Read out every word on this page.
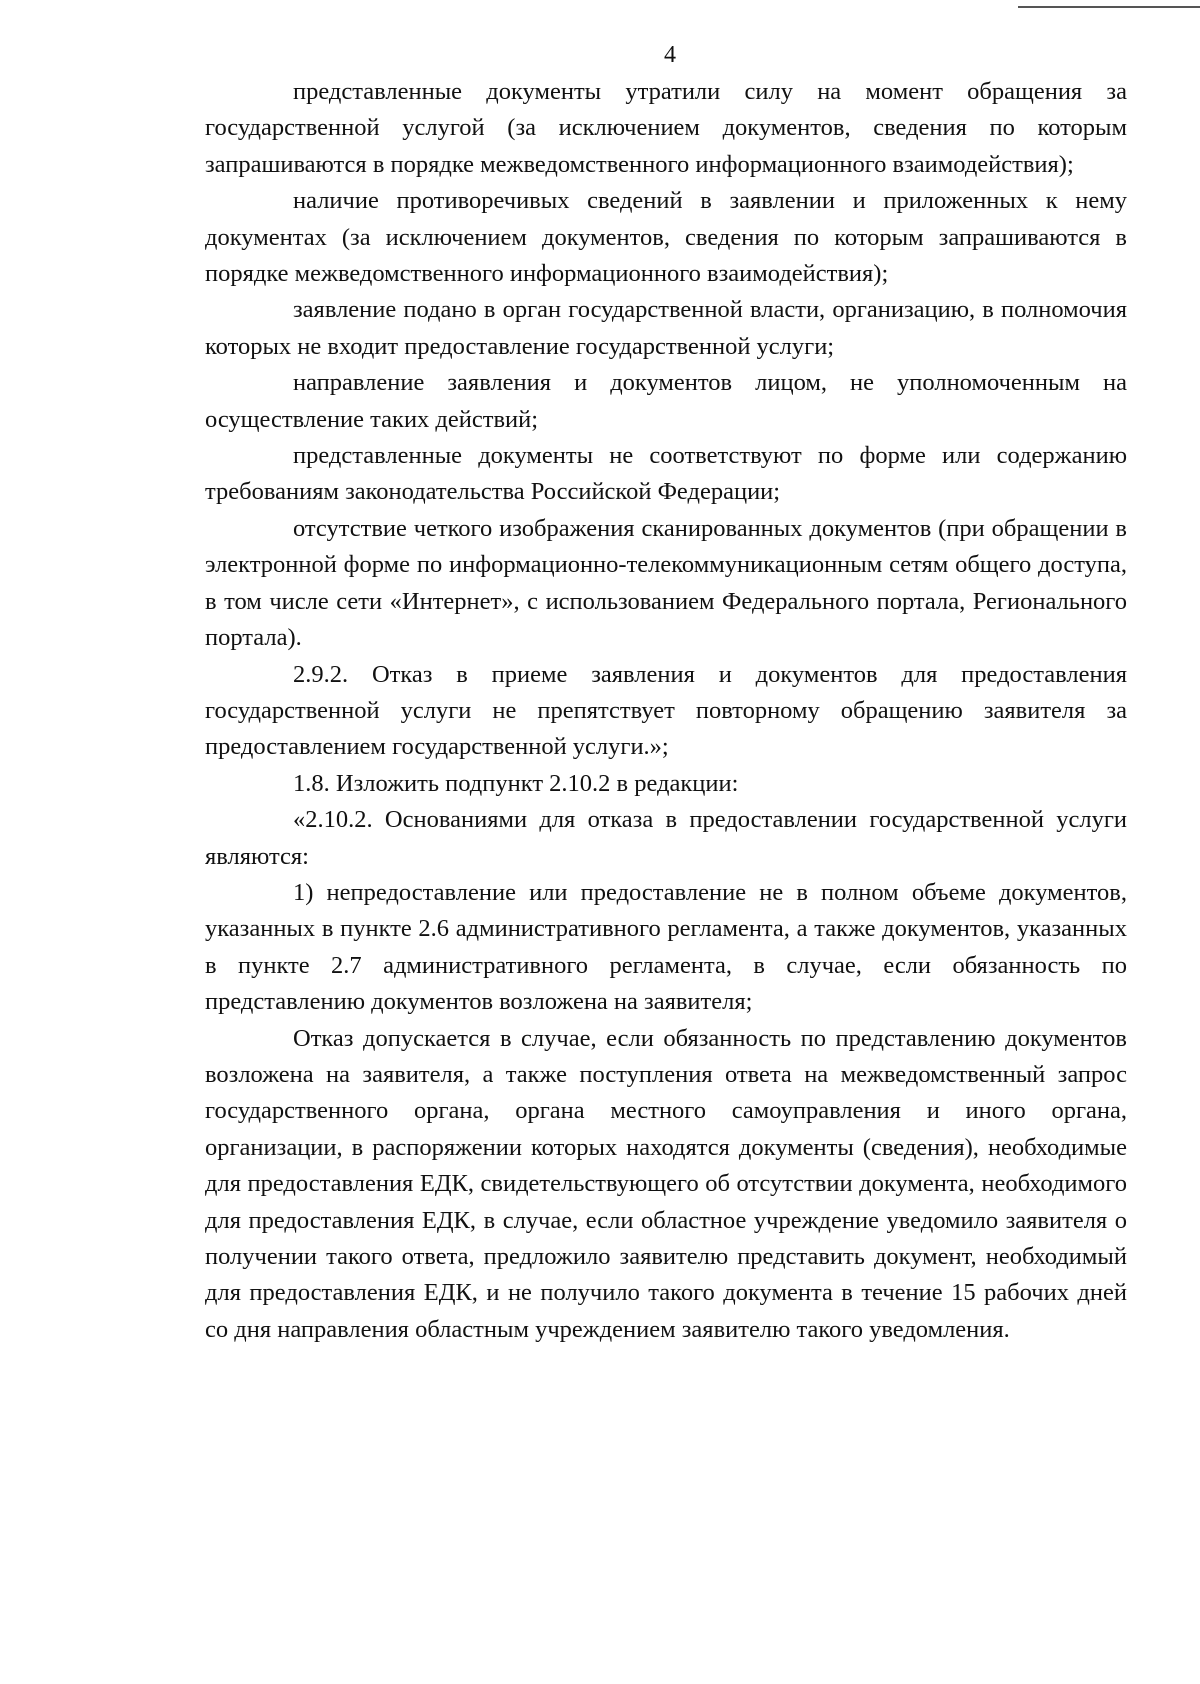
4

представленные документы утратили силу на момент обращения за государственной услугой (за исключением документов, сведения по которым запрашиваются в порядке межведомственного информационного взаимодействия);

наличие противоречивых сведений в заявлении и приложенных к нему документах (за исключением документов, сведения по которым запрашиваются в порядке межведомственного информационного взаимодействия);

заявление подано в орган государственной власти, организацию, в полномочия которых не входит предоставление государственной услуги;

направление заявления и документов лицом, не уполномоченным на осуществление таких действий;

представленные документы не соответствуют по форме или содержанию требованиям законодательства Российской Федерации;

отсутствие четкого изображения сканированных документов (при обращении в электронной форме по информационно-телекоммуникационным сетям общего доступа, в том числе сети «Интернет», с использованием Федерального портала, Регионального портала).

2.9.2. Отказ в приеме заявления и документов для предоставления государственной услуги не препятствует повторному обращению заявителя за предоставлением государственной услуги.»;

1.8. Изложить подпункт 2.10.2 в редакции:

«2.10.2. Основаниями для отказа в предоставлении государственной услуги являются:

1) непредоставление или предоставление не в полном объеме документов, указанных в пункте 2.6 административного регламента, а также документов, указанных в пункте 2.7 административного регламента, в случае, если обязанность по представлению документов возложена на заявителя;

Отказ допускается в случае, если обязанность по представлению документов возложена на заявителя, а также поступления ответа на межведомственный запрос государственного органа, органа местного самоуправления и иного органа, организации, в распоряжении которых находятся документы (сведения), необходимые для предоставления ЕДК, свидетельствующего об отсутствии документа, необходимого для предоставления ЕДК, в случае, если областное учреждение уведомило заявителя о получении такого ответа, предложило заявителю представить документ, необходимый для предоставления ЕДК, и не получило такого документа в течение 15 рабочих дней со дня направления областным учреждением заявителю такого уведомления.
